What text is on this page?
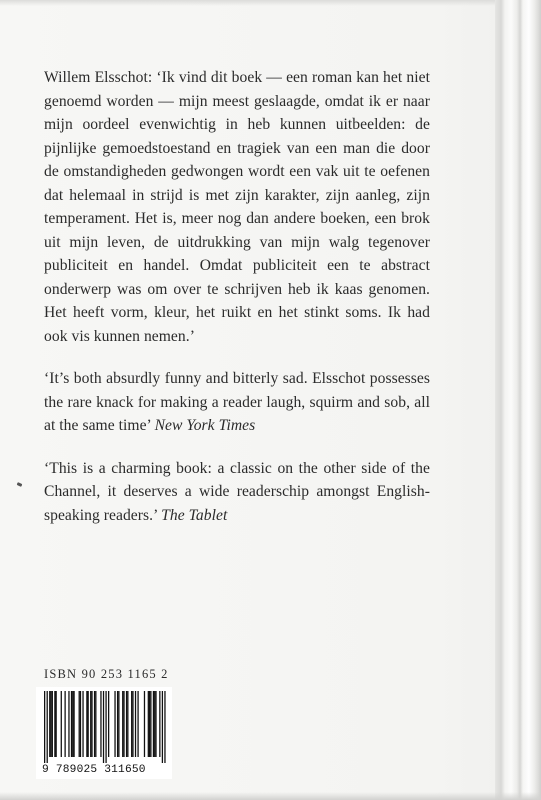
Willem Elsschot: ‘Ik vind dit boek — een roman kan het niet genoemd worden — mijn meest geslaagde, omdat ik er naar mijn oordeel evenwichtig in heb kunnen uitbeelden: de pijnlijke gemoedstoestand en tragiek van een man die door de omstandigheden gedwongen wordt een vak uit te oefenen dat helemaal in strijd is met zijn karakter, zijn aanleg, zijn temperament. Het is, meer nog dan andere boeken, een brok uit mijn leven, de uitdrukking van mijn walg tegenover publiciteit en handel. Omdat publiciteit een te abstract onderwerp was om over te schrijven heb ik kaas genomen. Het heeft vorm, kleur, het ruikt en het stinkt soms. Ik had ook vis kunnen nemen.’

‘It’s both absurdly funny and bitterly sad. Elsschot possesses the rare knack for making a reader laugh, squirm and sob, all at the same time’ New York Times

‘This is a charming book: a classic on the other side of the Channel, it deserves a wide readerschip amongst English-speaking readers.’ The Tablet

ISBN 90 253 1165 2
9 789025 311650
